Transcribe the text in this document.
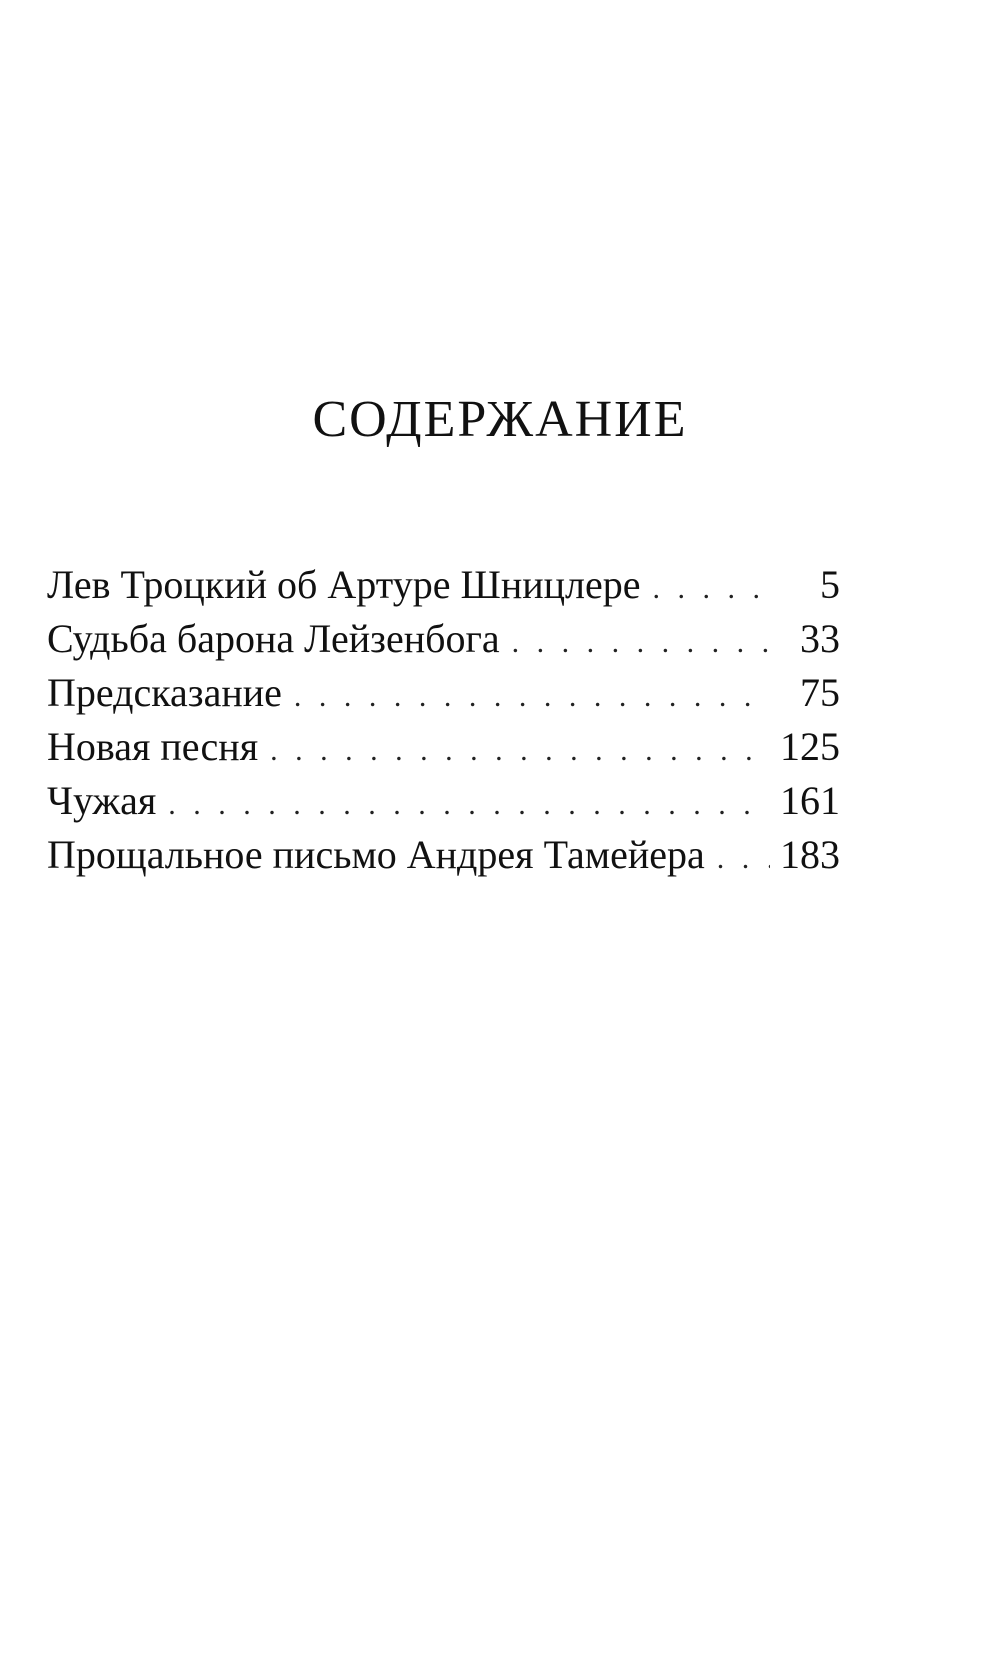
СОДЕРЖАНИЕ
Лев Троцкий об Артуре Шницлере . . .	5
Судьба барона Лейзенбога . . .	33
Предсказание . . .	75
Новая песня . . .	125
Чужая . . .	161
Прощальное письмо Андрея Тамейера . . . 183
